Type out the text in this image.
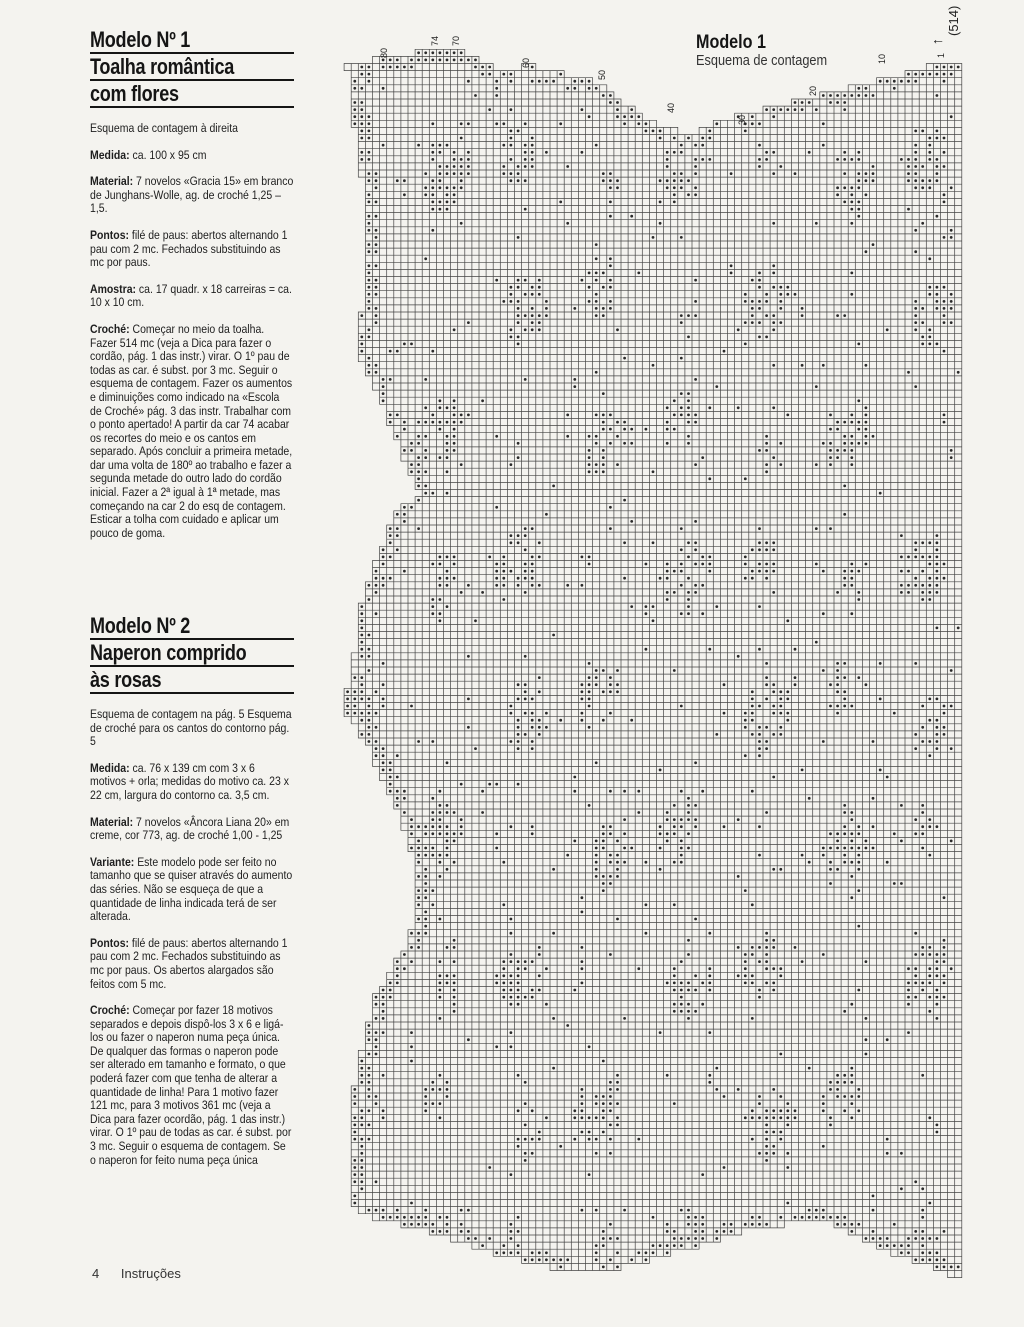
Modelo Nº 1
Toalha romântica
com flores

Esquema de contagem à direita

Medida: ca. 100 x 95 cm

Material: 7 novelos «Gracia 15» em branco de Junghans-Wolle, ag. de croché 1,25 – 1,5.

Pontos: filé de paus: abertos alternando 1 pau com 2 mc. Fechados substituindo as mc por paus.

Amostra: ca. 17 quadr. x 18 carreiras = ca. 10 x 10 cm.

Croché: Começar no meio da toalha. Fazer 514 mc (veja a Dica para fazer o cordão, pág. 1 das instr.) virar. O 1º pau de todas as car. é subst. por 3 mc. Seguir o esquema de contagem. Fazer os aumentos e diminuições como indicado na «Escola de Croché» pág. 3 das instr. Trabalhar com o ponto apertado! A partir da car 74 acabar os recortes do meio e os cantos em separado. Após concluir a primeira metade, dar uma volta de 180º ao trabalho e fazer a segunda metade do outro lado do cordão inicial. Fazer a 2ª igual à 1ª metade, mas começando na car 2 do esq de contagem. Esticar a tolha com cuidado e aplicar um pouco de goma.

Modelo Nº 2
Naperon comprido
às rosas

Esquema de contagem na pág. 5 Esquema de croché para os cantos do contorno pág. 5

Medida: ca. 76 x 139 cm com 3 x 6 motivos + orla; medidas do motivo ca. 23 x 22 cm, largura do contorno ca. 3,5 cm.

Material: 7 novelos «Âncora Liana 20» em creme, cor 773, ag. de croché 1,00 - 1,25

Variante: Este modelo pode ser feito no tamanho que se quiser através do aumento das séries. Não se esqueça de que a quantidade de linha indicada terá de ser alterada.

Pontos: filé de paus: abertos alternando 1 pau com 2 mc. Fechados substituindo as mc por paus. Os abertos alargados são feitos com 5 mc.

Croché: Começar por fazer 18 motivos separados e depois dispô-los 3 x 6 e ligá-los ou fazer o naperon numa peça única. De qualquer das formas o naperon pode ser alterado em tamanho e formato, o que poderá fazer com que tenha de alterar a quantidade de linha! Para 1 motivo fazer 121 mc, para 3 motivos 361 mc (veja a Dica para fazer ocordão, pág. 1 das instr.) virar. O 1º pau de todas as car. é subst. por 3 mc. Seguir o esquema de contagem. Se o naperon for feito numa peça única

4 Instruções
Modelo 1
Esquema de contagem
←
(514)
80
74 70
60
50
40
30
20
10	1
